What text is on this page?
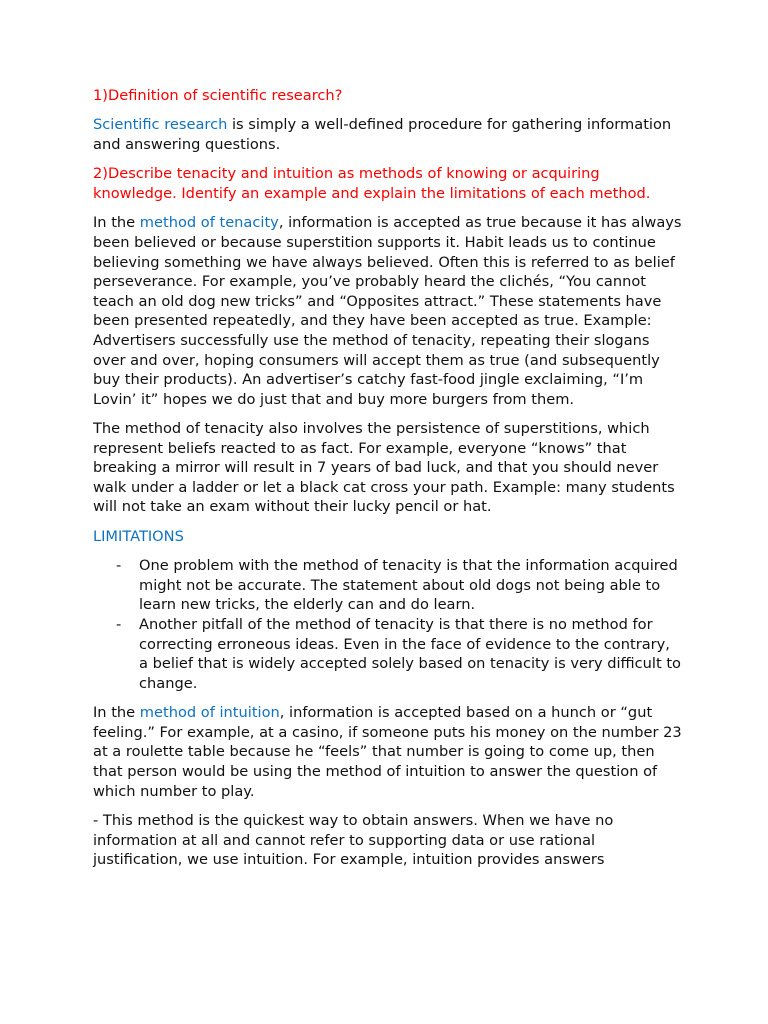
1)Definition of scientific research?

Scientific research is simply a well-defined procedure for gathering information and answering questions.

2)Describe tenacity and intuition as methods of knowing or acquiring knowledge. Identify an example and explain the limitations of each method.

In the method of tenacity, information is accepted as true because it has always been believed or because superstition supports it. Habit leads us to continue believing something we have always believed. Often this is referred to as belief perseverance. For example, you’ve probably heard the clichés, “You cannot teach an old dog new tricks” and “Opposites attract.” These statements have been presented repeatedly, and they have been accepted as true. Example: Advertisers successfully use the method of tenacity, repeating their slogans over and over, hoping consumers will accept them as true (and subsequently buy their products). An advertiser’s catchy fast-food jingle exclaiming, “I’m Lovin’ it” hopes we do just that and buy more burgers from them.

The method of tenacity also involves the persistence of superstitions, which represent beliefs reacted to as fact. For example, everyone “knows” that breaking a mirror will result in 7 years of bad luck, and that you should never walk under a ladder or let a black cat cross your path. Example: many students will not take an exam without their lucky pencil or hat.

LIMITATIONS

- One problem with the method of tenacity is that the information acquired might not be accurate. The statement about old dogs not being able to learn new tricks, the elderly can and do learn.
- Another pitfall of the method of tenacity is that there is no method for correcting erroneous ideas. Even in the face of evidence to the contrary, a belief that is widely accepted solely based on tenacity is very difficult to change.

In the method of intuition, information is accepted based on a hunch or “gut feeling.” For example, at a casino, if someone puts his money on the number 23 at a roulette table because he “feels” that number is going to come up, then that person would be using the method of intuition to answer the question of which number to play.

- This method is the quickest way to obtain answers. When we have no information at all and cannot refer to supporting data or use rational justification, we use intuition. For example, intuition provides answers
